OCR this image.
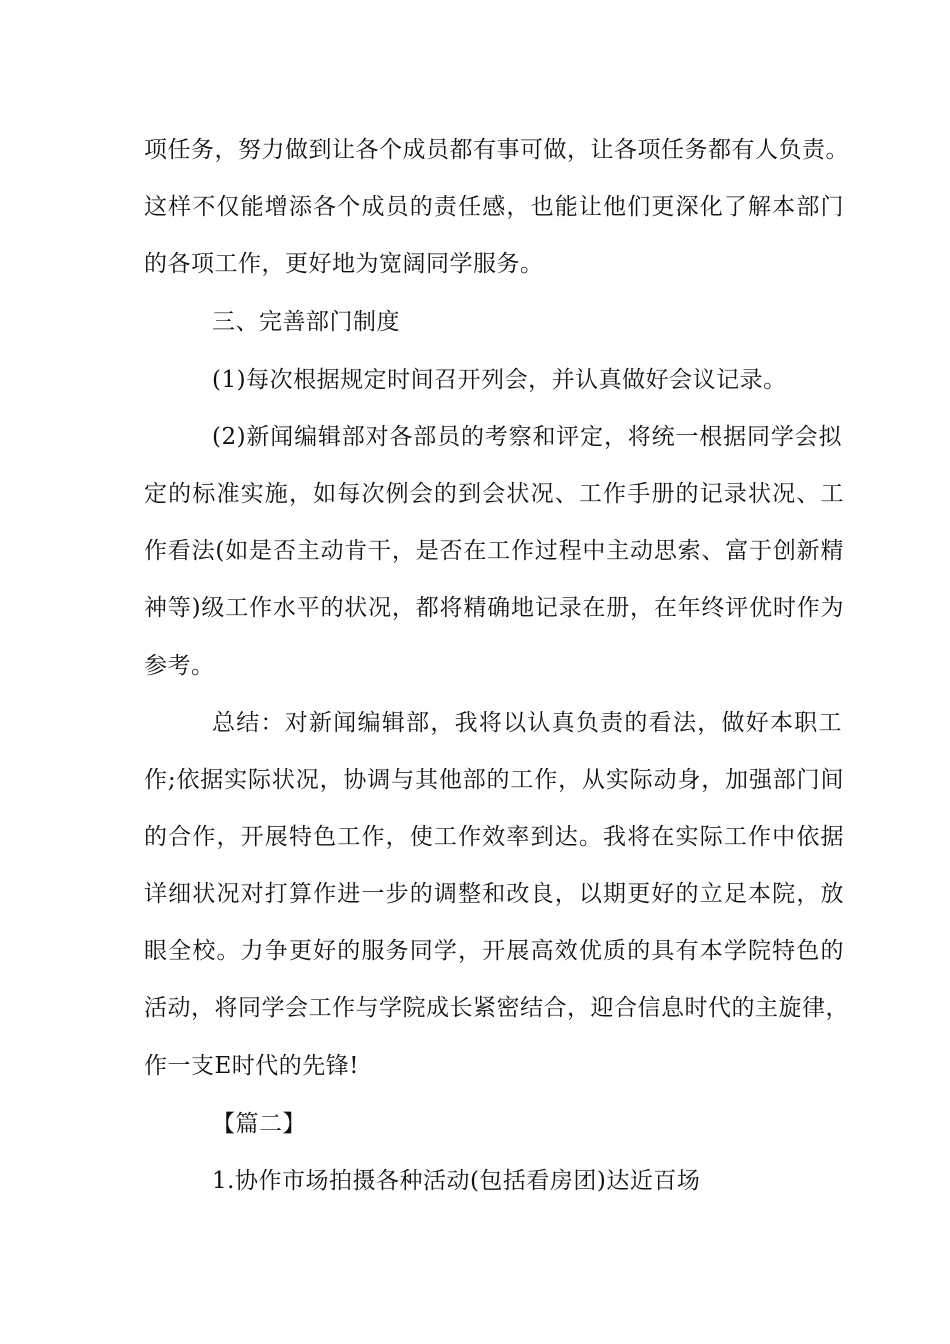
项任务，努力做到让各个成员都有事可做，让各项任务都有人负责。
这样不仅能增添各个成员的责任感，也能让他们更深化了解本部门
的各项工作，更好地为宽阔同学服务。
三、完善部门制度
(1)每次根据规定时间召开列会，并认真做好会议记录。
(2)新闻编辑部对各部员的考察和评定，将统一根据同学会拟
定的标准实施，如每次例会的到会状况、工作手册的记录状况、工
作看法(如是否主动肯干，是否在工作过程中主动思索、富于创新精
神等)级工作水平的状况，都将精确地记录在册，在年终评优时作为
参考。
总结：对新闻编辑部，我将以认真负责的看法，做好本职工
作;依据实际状况，协调与其他部的工作，从实际动身，加强部门间
的合作，开展特色工作，使工作效率到达。我将在实际工作中依据
详细状况对打算作进一步的调整和改良，以期更好的立足本院，放
眼全校。力争更好的服务同学，开展高效优质的具有本学院特色的
活动，将同学会工作与学院成长紧密结合，迎合信息时代的主旋律，
作一支E时代的先锋!
【篇二】
1.协作市场拍摄各种活动(包括看房团)达近百场
